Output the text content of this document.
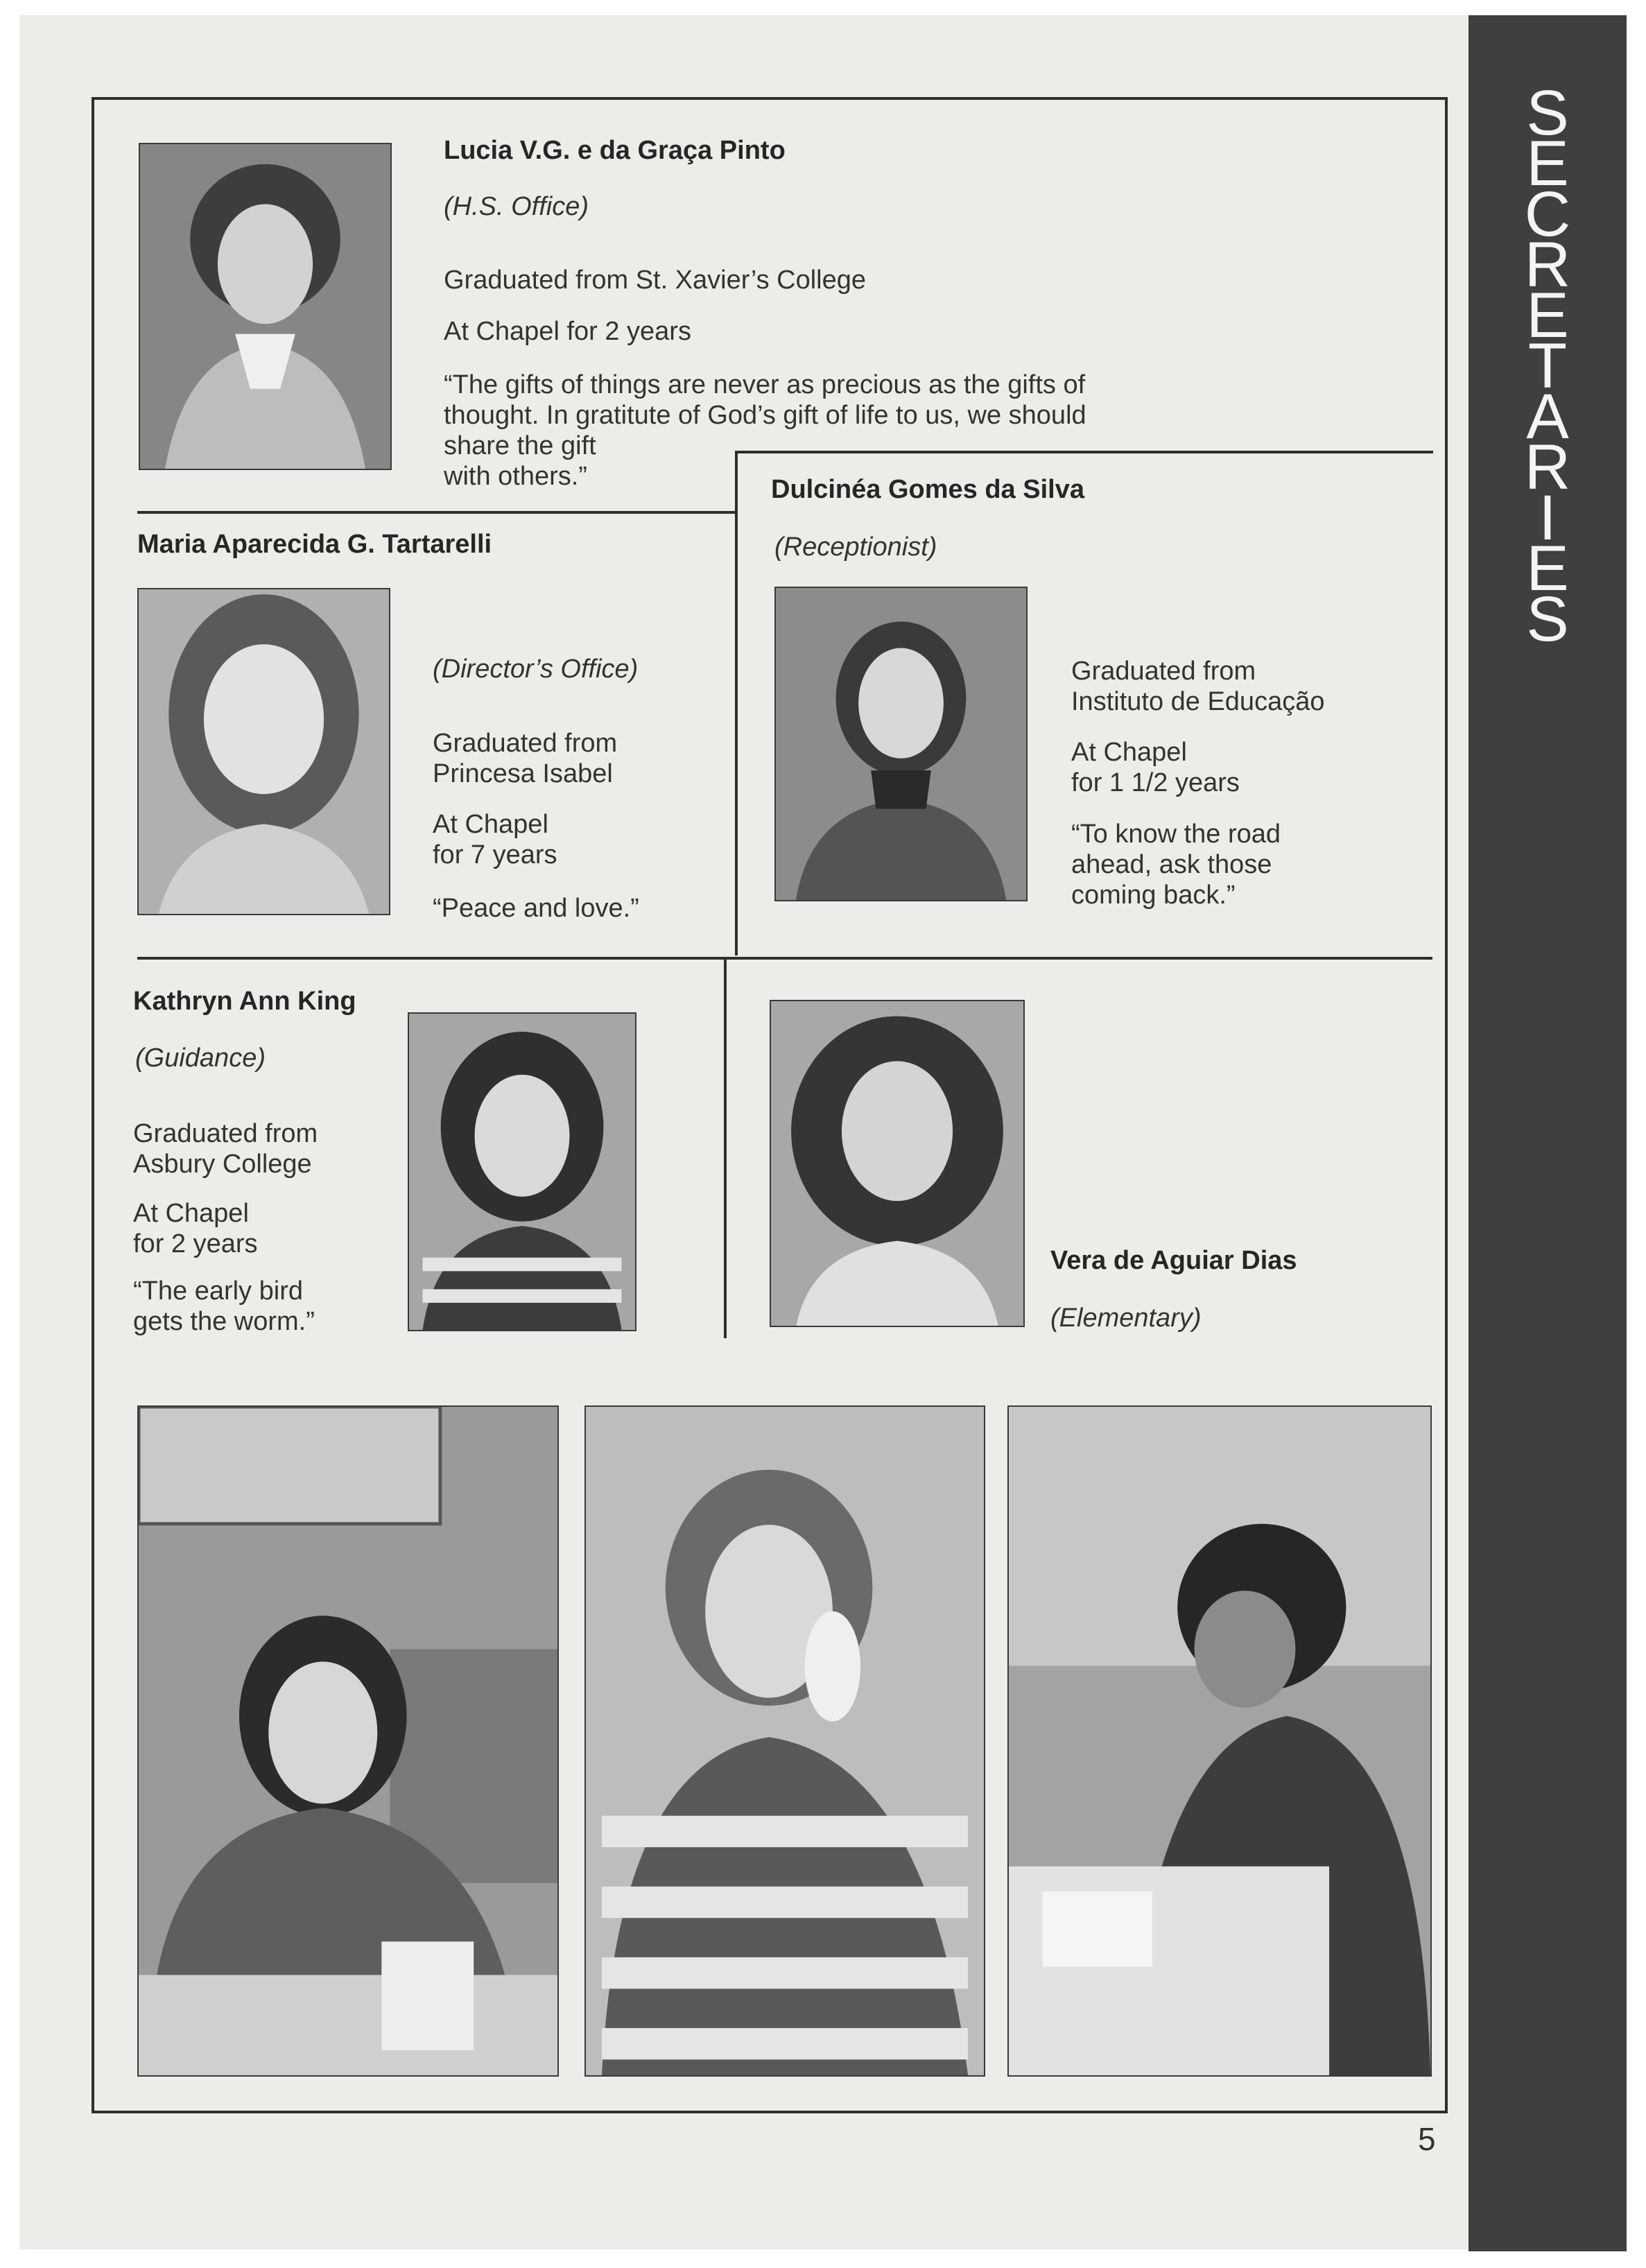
S
E
C
R
E
T
A
R
I
E
S
Lucia V.G. e da Graça Pinto
(H.S. Office)
Graduated from St. Xavier’s College
At Chapel for 2 years
“The gifts of things are never as precious as the gifts of
thought. In gratitute of God’s gift of life to us, we should
share the gift
with others.”
Maria Aparecida G. Tartarelli
(Director’s Office)
Graduated from
Princesa Isabel
At Chapel
for 7 years
“Peace and love.”
Dulcinéa Gomes da Silva
(Receptionist)
Graduated from
Instituto de Educação
At Chapel
for 1 1/2 years
“To know the road
ahead, ask those
coming back.”
Kathryn Ann King
(Guidance)
Graduated from
Asbury College
At Chapel
for 2 years
“The early bird
gets the worm.”
Vera de Aguiar Dias
(Elementary)
5
